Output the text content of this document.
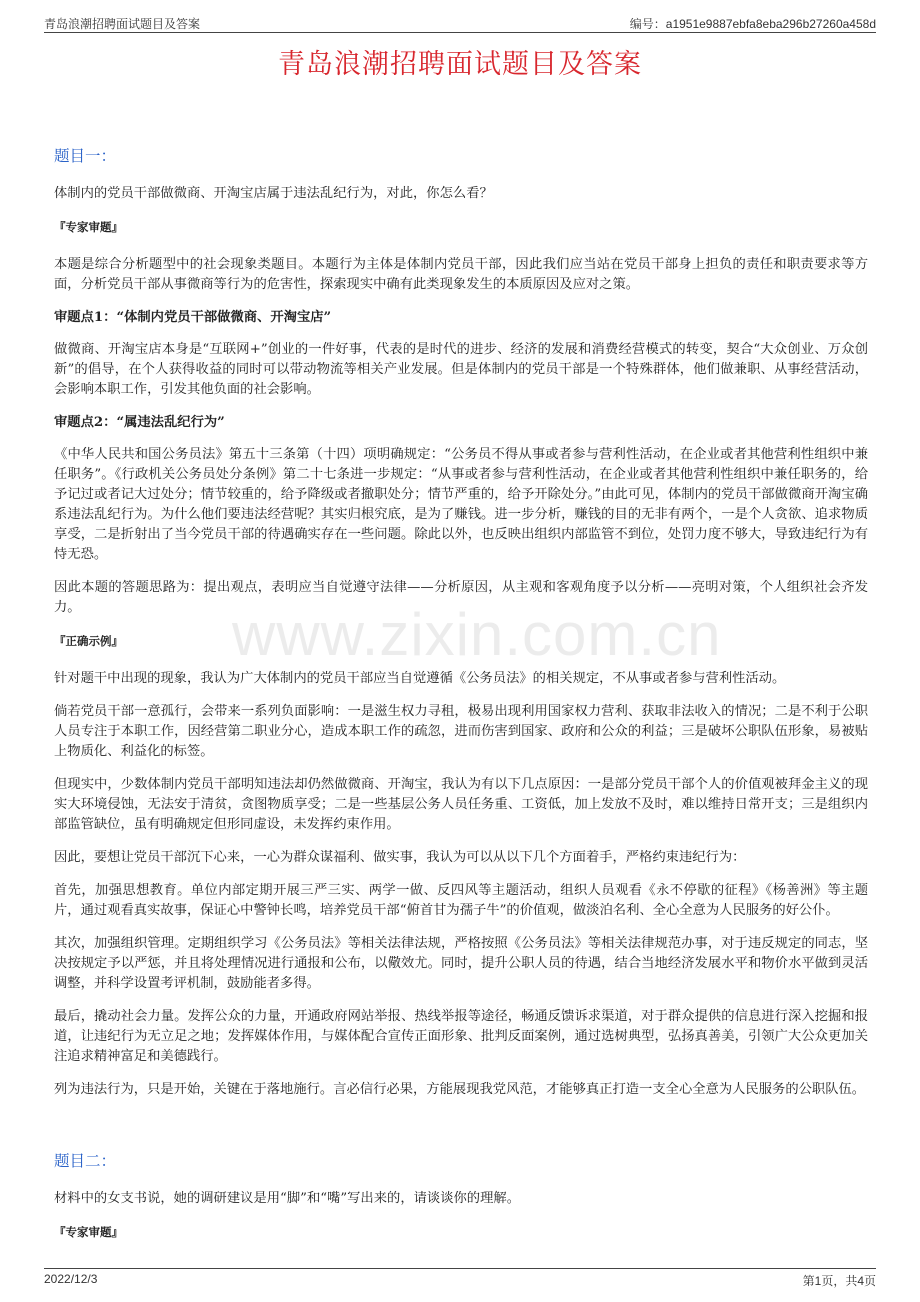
青岛浪潮招聘面试题目及答案	编号：a1951e9887ebfa8eba296b27260a458d
青岛浪潮招聘面试题目及答案
www.zixin.com.cn
题目一：

体制内的党员干部做微商、开淘宝店属于违法乱纪行为，对此，你怎么看？

『专家审题』

本题是综合分析题型中的社会现象类题目。本题行为主体是体制内党员干部，因此我们应当站在党员干部身上担负的责任和职责要求等方面，分析党员干部从事微商等行为的危害性，探索现实中确有此类现象发生的本质原因及应对之策。

审题点1：“体制内党员干部做微商、开淘宝店”

做微商、开淘宝店本身是“互联网+”创业的一件好事，代表的是时代的进步、经济的发展和消费经营模式的转变，契合“大众创业、万众创新”的倡导，在个人获得收益的同时可以带动物流等相关产业发展。但是体制内的党员干部是一个特殊群体，他们做兼职、从事经营活动，会影响本职工作，引发其他负面的社会影响。

审题点2：“属违法乱纪行为”

《中华人民共和国公务员法》第五十三条第（十四）项明确规定：“公务员不得从事或者参与营利性活动，在企业或者其他营利性组织中兼任职务”。《行政机关公务员处分条例》第二十七条进一步规定：“从事或者参与营利性活动，在企业或者其他营利性组织中兼任职务的，给予记过或者记大过处分；情节较重的，给予降级或者撤职处分；情节严重的，给予开除处分。”由此可见，体制内的党员干部做微商开淘宝确系违法乱纪行为。为什么他们要违法经营呢？其实归根究底，是为了赚钱。进一步分析，赚钱的目的无非有两个，一是个人贪欲、追求物质享受，二是折射出了当今党员干部的待遇确实存在一些问题。除此以外，也反映出组织内部监管不到位，处罚力度不够大，导致违纪行为有恃无恐。

因此本题的答题思路为：提出观点，表明应当自觉遵守法律——分析原因，从主观和客观角度予以分析——亮明对策，个人组织社会齐发力。

『正确示例』

针对题干中出现的现象，我认为广大体制内的党员干部应当自觉遵循《公务员法》的相关规定，不从事或者参与营利性活动。

倘若党员干部一意孤行，会带来一系列负面影响：一是滋生权力寻租，极易出现利用国家权力营利、获取非法收入的情况；二是不利于公职人员专注于本职工作，因经营第二职业分心，造成本职工作的疏忽，进而伤害到国家、政府和公众的利益；三是破坏公职队伍形象，易被贴上物质化、利益化的标签。

但现实中，少数体制内党员干部明知违法却仍然做微商、开淘宝，我认为有以下几点原因：一是部分党员干部个人的价值观被拜金主义的现实大环境侵蚀，无法安于清贫，贪图物质享受；二是一些基层公务人员任务重、工资低，加上发放不及时，难以维持日常开支；三是组织内部监管缺位，虽有明确规定但形同虚设，未发挥约束作用。

因此，要想让党员干部沉下心来，一心为群众谋福利、做实事，我认为可以从以下几个方面着手，严格约束违纪行为：

首先，加强思想教育。单位内部定期开展三严三实、两学一做、反四风等主题活动，组织人员观看《永不停歇的征程》《杨善洲》等主题片，通过观看真实故事，保证心中警钟长鸣，培养党员干部“俯首甘为孺子牛”的价值观，做淡泊名利、全心全意为人民服务的好公仆。

其次，加强组织管理。定期组织学习《公务员法》等相关法律法规，严格按照《公务员法》等相关法律规范办事，对于违反规定的同志，坚决按规定予以严惩，并且将处理情况进行通报和公布，以儆效尤。同时，提升公职人员的待遇，结合当地经济发展水平和物价水平做到灵活调整，并科学设置考评机制，鼓励能者多得。

最后，撬动社会力量。发挥公众的力量，开通政府网站举报、热线举报等途径，畅通反馈诉求渠道，对于群众提供的信息进行深入挖掘和报道，让违纪行为无立足之地；发挥媒体作用，与媒体配合宣传正面形象、批判反面案例，通过选树典型，弘扬真善美，引领广大公众更加关注追求精神富足和美德践行。

列为违法行为，只是开始，关键在于落地施行。言必信行必果，方能展现我党风范，才能够真正打造一支全心全意为人民服务的公职队伍。

题目二：

材料中的女支书说，她的调研建议是用“脚”和“嘴”写出来的，请谈谈你的理解。

『专家审题』
2022/12/3	第1页，共4页
